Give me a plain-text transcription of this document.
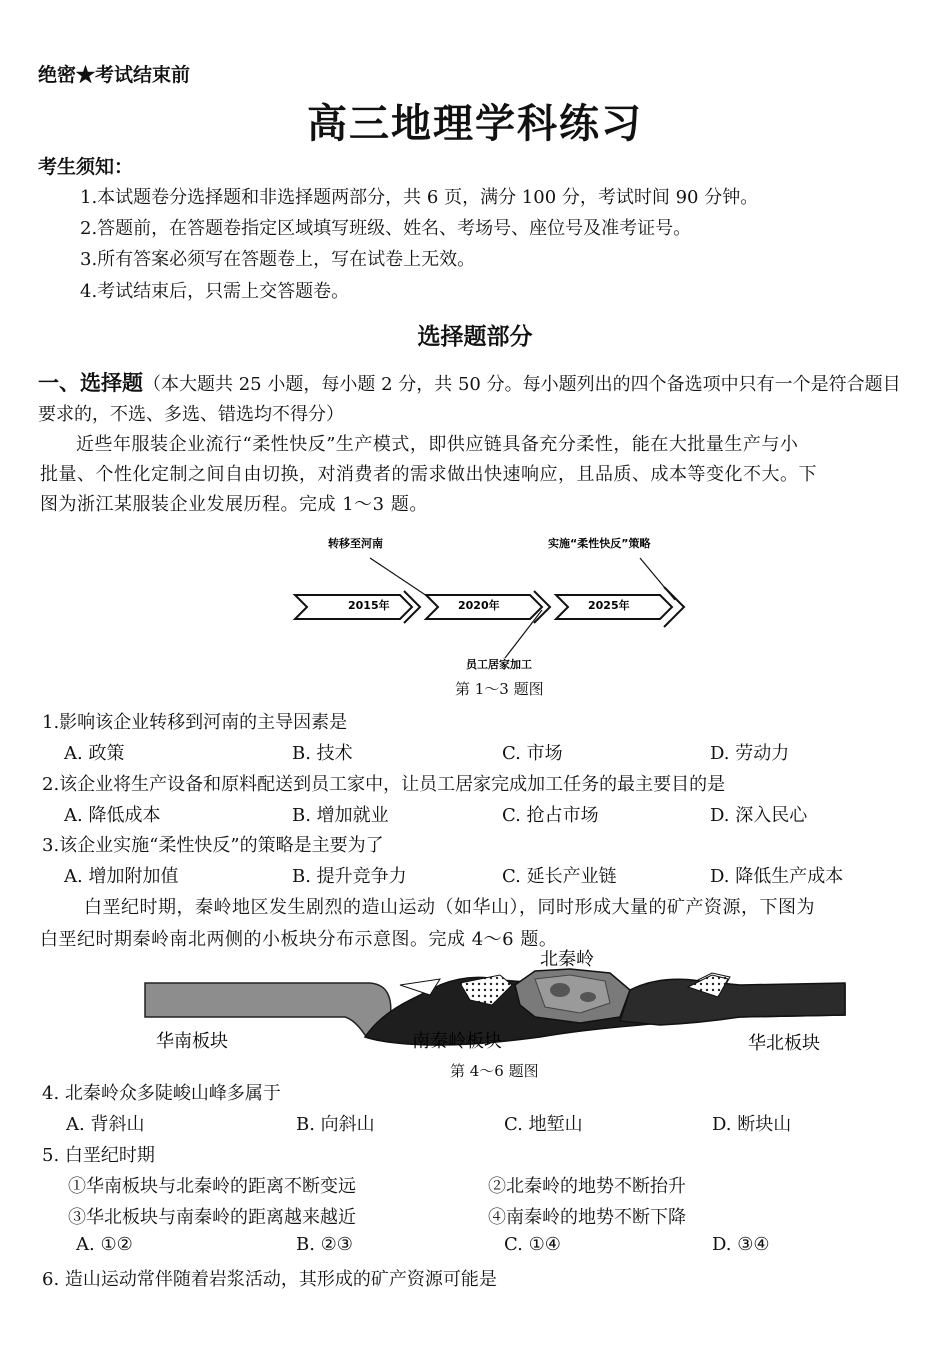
绝密★考试结束前
高三地理学科练习
考生须知：
1.本试题卷分选择题和非选择题两部分，共 6 页，满分 100 分，考试时间 90 分钟。
2.答题前，在答题卷指定区域填写班级、姓名、考场号、座位号及准考证号。
3.所有答案必须写在答题卷上，写在试卷上无效。
4.考试结束后，只需上交答题卷。
选择题部分
一、选择题（本大题共 25 小题，每小题 2 分，共 50 分。每小题列出的四个备选项中只有一个是符合题目要求的，不选、多选、错选均不得分）
近些年服装企业流行“柔性快反”生产模式，即供应链具备充分柔性，能在大批量生产与小
批量、个性化定制之间自由切换，对消费者的需求做出快速响应，且品质、成本等变化不大。下
图为浙江某服装企业发展历程。完成 1～3 题。
2015年	2020年	2025年
转移至河南	实施“柔性快反”策略
员工居家加工
第 1～3 题图
1.影响该企业转移到河南的主导因素是
A. 政策	B. 技术	C. 市场	D. 劳动力
2.该企业将生产设备和原料配送到员工家中，让员工居家完成加工任务的最主要目的是
A. 降低成本	B. 增加就业	C. 抢占市场	D. 深入民心
3.该企业实施“柔性快反”的策略是主要为了
A. 增加附加值	B. 提升竞争力	C. 延长产业链	D. 降低生产成本
白垩纪时期，秦岭地区发生剧烈的造山运动（如华山），同时形成大量的矿产资源，下图为
白垩纪时期秦岭南北两侧的小板块分布示意图。完成 4～6 题。
北秦岭
华南板块	南秦岭板块	华北板块
第 4～6 题图
4. 北秦岭众多陡峻山峰多属于
A. 背斜山	B. 向斜山	C. 地堑山	D. 断块山
5. 白垩纪时期
①华南板块与北秦岭的距离不断变远	②北秦岭的地势不断抬升
③华北板块与南秦岭的距离越来越近	④南秦岭的地势不断下降
A. ①②	B. ②③	C. ①④	D. ③④
6. 造山运动常伴随着岩浆活动，其形成的矿产资源可能是
